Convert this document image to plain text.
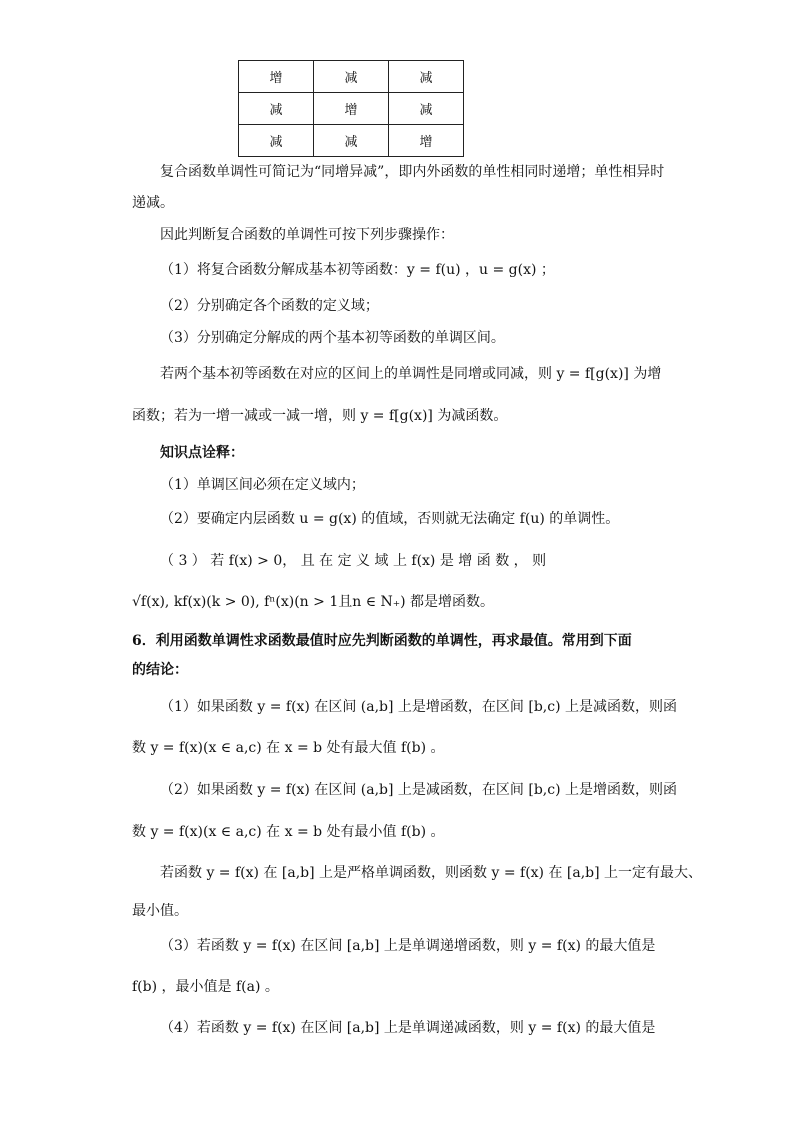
增	减	减
减	增	减
减	减	增
复合函数单调性可简记为“同增异减”，即内外函数的单性相同时递增；单性相异时
递减。
因此判断复合函数的单调性可按下列步骤操作：
（1）将复合函数分解成基本初等函数：y = f(u) ，u = g(x) ；
（2）分别确定各个函数的定义域；
（3）分别确定分解成的两个基本初等函数的单调区间。
若两个基本初等函数在对应的区间上的单调性是同增或同减，则 y = f[g(x)] 为增
函数；若为一增一减或一减一增，则 y = f[g(x)] 为减函数。
知识点诠释：
（1）单调区间必须在定义域内；
（2）要确定内层函数 u = g(x) 的值域，否则就无法确定 f(u) 的单调性。
（ 3 ） 若 f(x) > 0， 且 在 定 义 域 上 f(x) 是 增 函 数 ， 则
√f(x), kf(x)(k > 0), fⁿ(x)(n > 1且n ∈ N₊) 都是增函数。
6．利用函数单调性求函数最值时应先判断函数的单调性，再求最值。常用到下面
的结论：
（1）如果函数 y = f(x) 在区间 (a,b] 上是增函数，在区间 [b,c) 上是减函数，则函
数 y = f(x)(x ∈ a,c) 在 x = b 处有最大值 f(b) 。
（2）如果函数 y = f(x) 在区间 (a,b] 上是减函数，在区间 [b,c) 上是增函数，则函
数 y = f(x)(x ∈ a,c) 在 x = b 处有最小值 f(b) 。
若函数 y = f(x) 在 [a,b] 上是严格单调函数，则函数 y = f(x) 在 [a,b] 上一定有最大、
最小值。
（3）若函数 y = f(x) 在区间 [a,b] 上是单调递增函数，则 y = f(x) 的最大值是
f(b) ，最小值是 f(a) 。
（4）若函数 y = f(x) 在区间 [a,b] 上是单调递减函数，则 y = f(x) 的最大值是
